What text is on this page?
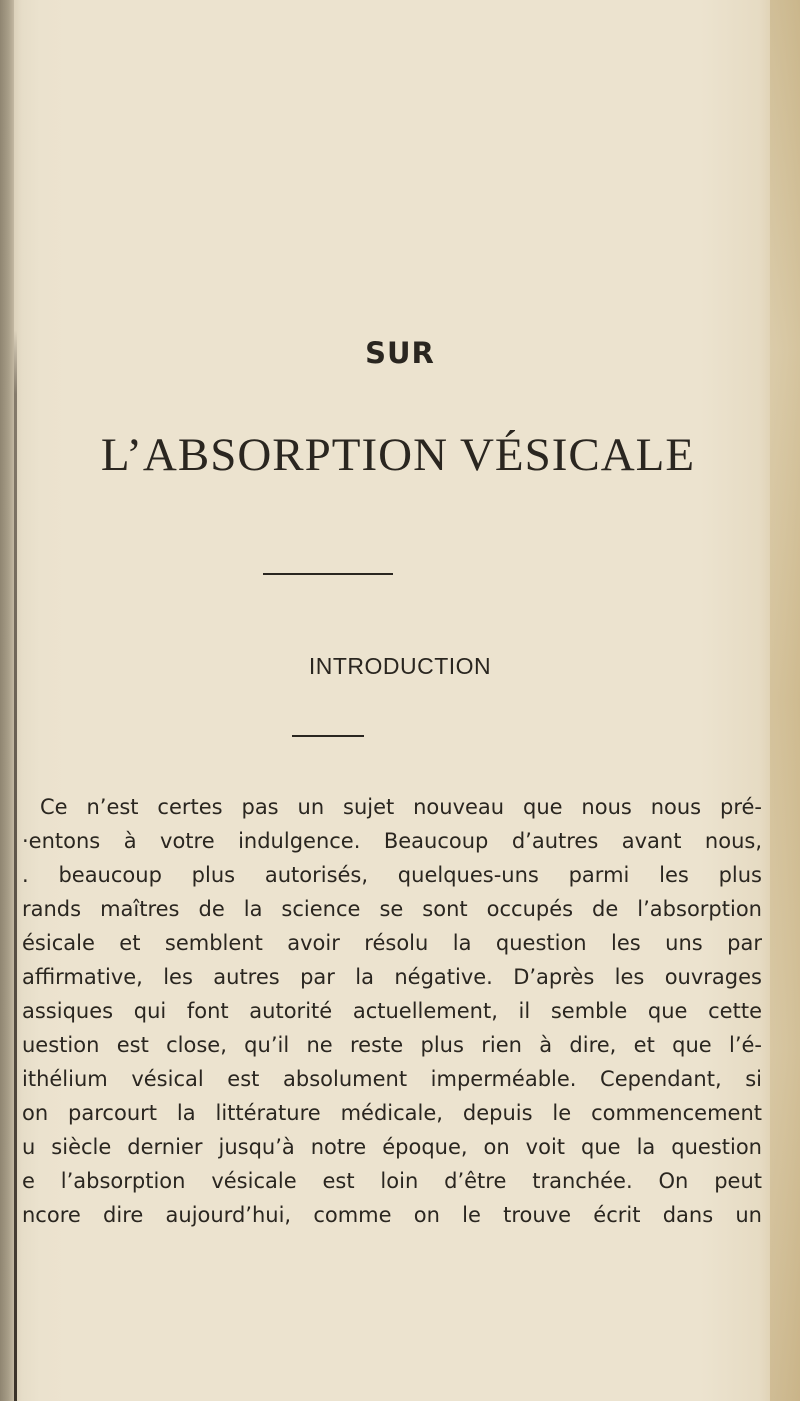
SUR
L’ABSORPTION VÉSICALE
INTRODUCTION
Ce n’est certes pas un sujet nouveau que nous nous pré-
·entons à votre indulgence. Beaucoup d’autres avant nous,
. beaucoup plus autorisés, quelques-uns parmi les plus
rands maîtres de la science se sont occupés de l’absorption
ésicale et semblent avoir résolu la question les uns par
affirmative, les autres par la négative. D’après les ouvrages
assiques qui font autorité actuellement, il semble que cette
uestion est close, qu’il ne reste plus rien à dire, et que l’é-
ithélium vésical est absolument imperméable. Cependant, si
on parcourt la littérature médicale, depuis le commencement
u siècle dernier jusqu’à notre époque, on voit que la question
e l’absorption vésicale est loin d’être tranchée. On peut
ncore dire aujourd’hui, comme on le trouve écrit dans un
